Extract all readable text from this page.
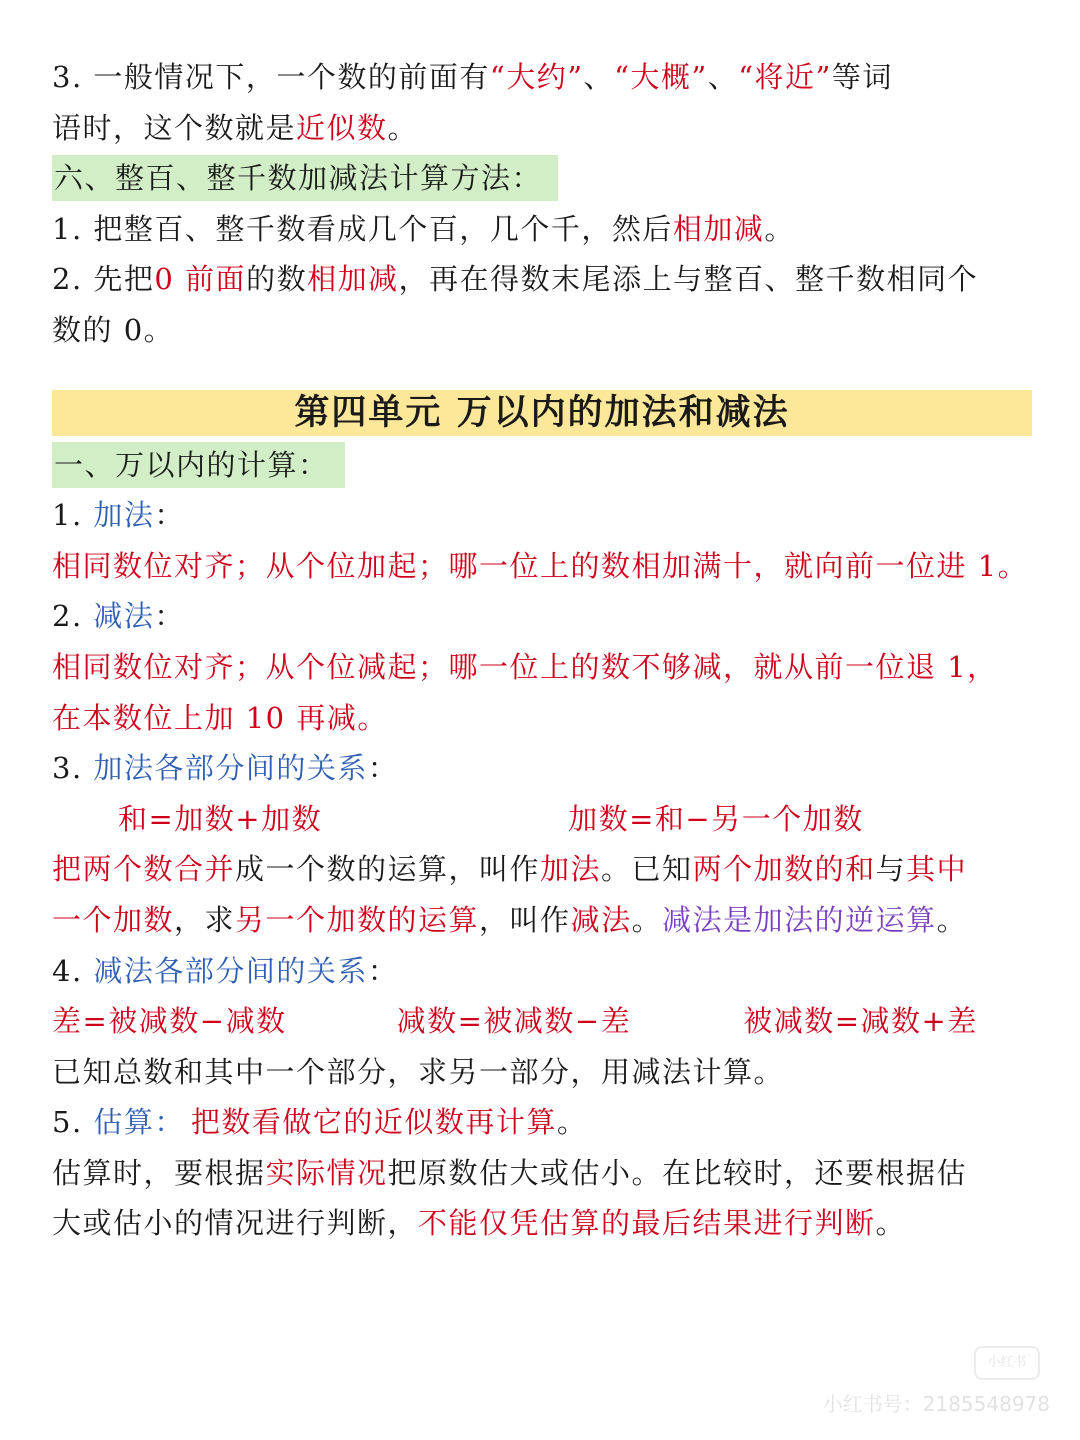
3. 一般情况下，一个数的前面有“大约”、“大概”、“将近”等词
语时，这个数就是近似数。
六、整百、整千数加减法计算方法：
1. 把整百、整千数看成几个百，几个千，然后相加减。
2. 先把0 前面的数相加减，再在得数末尾添上与整百、整千数相同个
数的 0。
第四单元 万以内的加法和减法
一、万以内的计算：
1. 加法：
相同数位对齐；从个位加起；哪一位上的数相加满十，就向前一位进 1。
2. 减法：
相同数位对齐；从个位减起；哪一位上的数不够减，就从前一位退 1，
在本数位上加 10 再减。
3. 加法各部分间的关系：
和=加数+加数	加数=和−另一个加数
把两个数合并成一个数的运算，叫作加法。已知两个加数的和与其中
一个加数，求另一个加数的运算，叫作减法。减法是加法的逆运算。
4. 减法各部分间的关系：
差=被减数−减数	减数=被减数−差	被减数=减数+差
已知总数和其中一个部分，求另一部分，用减法计算。
5. 估算： 把数看做它的近似数再计算。
估算时，要根据实际情况把原数估大或估小。在比较时，还要根据估
大或估小的情况进行判断，不能仅凭估算的最后结果进行判断。
小红书
小红书号：2185548978
